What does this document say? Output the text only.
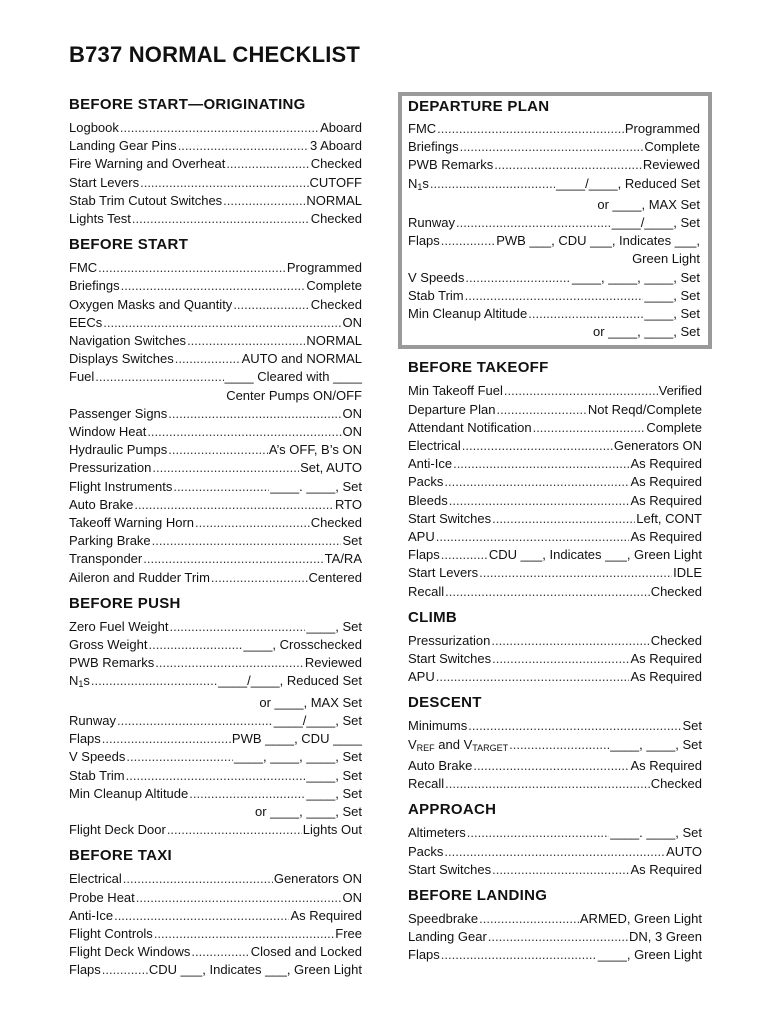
B737 NORMAL CHECKLIST
BEFORE START—ORIGINATING
Logbook .....	Aboard
Landing Gear Pins .....	3 Aboard
Fire Warning and Overheat .....	Checked
Start Levers .....	CUTOFF
Stab Trim Cutout Switches .....	NORMAL
Lights Test .....	Checked
BEFORE START
FMC .....	Programmed
Briefings .....	Complete
Oxygen Masks and Quantity .....	Checked
EECs .....	ON
Navigation Switches .....	NORMAL
Displays Switches .....	AUTO and NORMAL
Fuel .....	____ Cleared with ____
Center Pumps ON/OFF
Passenger Signs .....	ON
Window Heat .....	ON
Hydraulic Pumps .....	A’s OFF, B’s ON
Pressurization .....	Set, AUTO
Flight Instruments .....	____. ____, Set
Auto Brake .....	RTO
Takeoff Warning Horn .....	Checked
Parking Brake .....	Set
Transponder .....	TA/RA
Aileron and Rudder Trim .....	Centered
BEFORE PUSH
Zero Fuel Weight .....	____, Set
Gross Weight .....	____, Crosschecked
PWB Remarks .....	Reviewed
$N_1s$ .....	____/____, Reduced Set
or ____, MAX Set
Runway .....	____/____, Set
Flaps .....	PWB ____, CDU ____
V Speeds .....	____, ____, ____, Set
Stab Trim .....	____, Set
Min Cleanup Altitude .....	____, Set
or ____, ____, Set
Flight Deck Door .....	Lights Out
BEFORE TAXI
Electrical .....	Generators ON
Probe Heat .....	ON
Anti-Ice .....	As Required
Flight Controls .....	Free
Flight Deck Windows .....	Closed and Locked
Flaps .....	CDU ___, Indicates ___, Green Light
DEPARTURE PLAN
FMC .....	Programmed
Briefings .....	Complete
PWB Remarks .....	Reviewed
$N_1s$ .....	____/____, Reduced Set
or ____, MAX Set
Runway .....	____/____, Set
Flaps .....	PWB ___, CDU ___, Indicates ___,
Green Light
V Speeds .....	____, ____, ____, Set
Stab Trim .....	____, Set
Min Cleanup Altitude .....	____, Set
or ____, ____, Set
BEFORE TAKEOFF
Min Takeoff Fuel .....	Verified
Departure Plan .....	Not Reqd/Complete
Attendant Notification .....	Complete
Electrical .....	Generators ON
Anti-Ice .....	As Required
Packs .....	As Required
Bleeds .....	As Required
Start Switches .....	Left, CONT
APU .....	As Required
Flaps .....	CDU ___, Indicates ___, Green Light
Start Levers .....	IDLE
Recall .....	Checked
CLIMB
Pressurization .....	Checked
Start Switches .....	As Required
APU .....	As Required
DESCENT
Minimums .....	Set
$V_{REF}$ and $V_{TARGET}$ .....	____, ____, Set
Auto Brake .....	As Required
Recall .....	Checked
APPROACH
Altimeters .....	____. ____, Set
Packs .....	AUTO
Start Switches .....	As Required
BEFORE LANDING
Speedbrake .....	ARMED, Green Light
Landing Gear .....	DN, 3 Green
Flaps .....	____, Green Light
